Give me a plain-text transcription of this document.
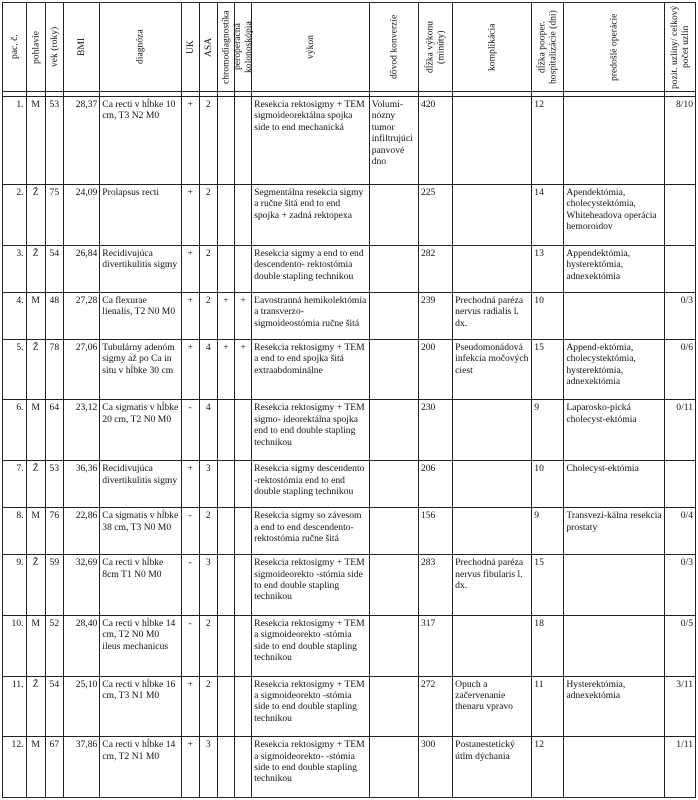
pac. č.	pohlavie	vek (roky)	BMI	diagnóza	UK	ASA	chromodiagnostika	peroperačná kolonoskópia	výkon	dôvod konverzie	dĺžka výkonu (minúty)	komplikácia	dĺžka pooper. hospitalizácie (dni)	predošlé operácie	pozit. uzliny/ celkový počet uzlín

1.	M	53	28,37	Ca recti v hĺbke 10 cm, T3 N2 M0	+	2			Resekcia rektosigmy + TEM sigmoideorektálna spojka side to end mechanická	Voluminózny tumor infiltrujúci panvové dno	420		12		8/10
2.	Ž	75	24,09	Prolapsus recti	+	2			Segmentálna resekcia sigmy a ručne šitá end to end spojka + zadná rektopexa		225		14	Apendektómia, cholecystektómia, Whiteheadova operácia hemoroidov	
3.	Ž	54	26,84	Recidivujúca divertikulitis sigmy	+	2			Resekcia sigmy a end to end descendento- rektostómia double stapling technikou		282		13	Appendektómia, hysterektómia, adnexektómia	
4.	M	48	27,28	Ca flexurae lienalis, T2 N0 M0	+	2	+	+	Ľavostranná hemikolektómia a transverzo- sigmoideostómia ručne šitá		239	Prechodná paréza nervus radialis l. dx.	10		0/3
5.	Ž	78	27,06	Tubulárny adenóm sigmy až po Ca in situ v hĺbke 30 cm	+	4	+	+	Resekcia rektosigmy + TEM a end to end spojka šitá extraabdominálne		200	Pseudomonádová infekcia močových ciest	15	Append-ektómia, cholecystektómia, hysterektómia, adnexektómia	0/6
6.	M	64	23,12	Ca sigmatis v hĺbke 20 cm, T2 N0 M0	-	4			Resekcia rektosigmy + TEM sigmo- ideorektálna spojka end to end double stapling technikou		230		9	Laparosko-pická cholecyst-ektómia	0/11
7.	Ž	53	36,36	Recidivujúca divertikulitis sigmy	+	3			Resekcia sigmy descendento -rektostómia end to end double stapling technikou		206		10	Cholecyst-ektómia	
8.	M	76	22,86	Ca sigmatis v hĺbke 38 cm, T3 N0 M0	-	2			Resekcia sigmy so závesom a end to end descendento- rektostómia ručne šitá		156		9	Transvezi-kálna resekcia prostaty	0/4
9.	Ž	59	32,69	Ca recti v hĺbke 8cm T1 N0 M0	-	3			Resekcia rektosigmy + TEM sigmoideorekto -stómia side to end double stapling technikou		283	Prechodná paréza nervus fibularis l. dx.	15		0/3
10.	M	52	28,40	Ca recti v hĺbke 14 cm, T2 N0 M0 ileus mechanicus	-	2			Resekcia rektosigmy + TEM a sigmoideorekto -stómia side to end double stapling technikou		317		18		0/5
11.	Ž	54	25,10	Ca recti v hĺbke 16 cm, T3 N1 M0	+	2			Resekcia rektosigmy + TEM a sigmoideorekto -stómia side to end double stapling technikou		272	Opuch a začervenanie thenaru vpravo	11	Hysterektómia, adnexektómia	3/11
12.	M	67	37,86	Ca recti v hĺbke 14 cm, T2 N1 M0	+	3			Resekcia rektosigmy + TEM a sigmoideorekto- -stómia side to end double stapling technikou		300	Postanestetický útlm dýchania	12		1/11
